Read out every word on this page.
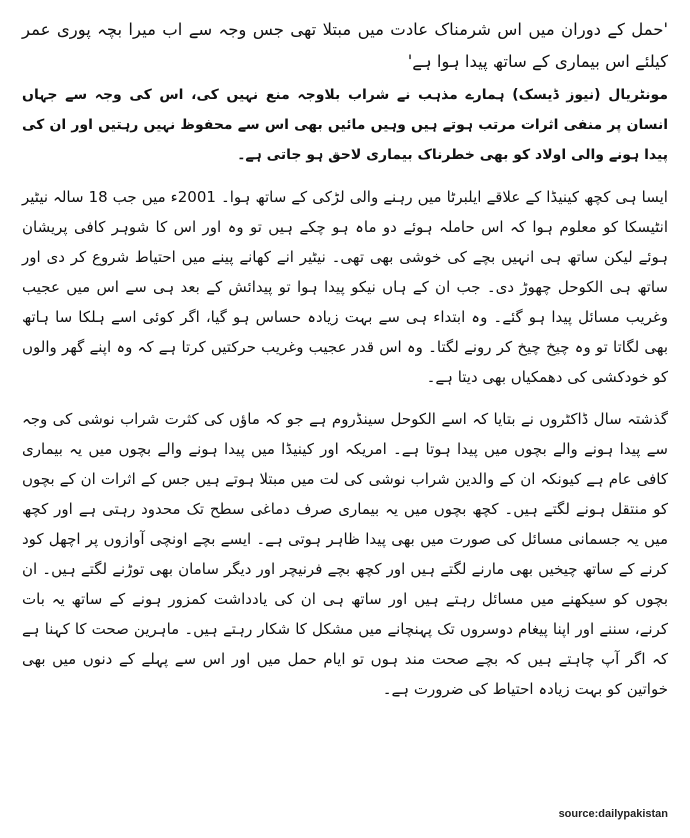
'حمل کے دوران میں اس شرمناک عادت میں مبتلا تھی جس وجہ سے اب میرا بچہ پوری عمر کیلئے اس بیماری کے ساتھ پیدا ہوا ہے'

مونٹریال (نیوز ڈیسک) ہمارے مذہب نے شراب بلاوجہ منع نہیں کی، اس کی وجہ سے جہاں انسان پر منفی اثرات مرتب ہوتے ہیں وہیں مائیں بھی اس سے محفوظ نہیں رہتیں اور ان کی پیدا ہونے والی اولاد کو بھی خطرناک بیماری لاحق ہو جاتی ہے۔

ایسا ہی کچھ کینیڈا کے علاقے ایلبرٹا میں رہنے والی لڑکی کے ساتھ ہوا۔ 2001ء میں جب 18 سالہ نیٹیر انٹیسکا کو معلوم ہوا کہ اس حاملہ ہوئے دو ماہ ہو چکے ہیں تو وہ اور اس کا شوہر کافی پریشان ہوئے لیکن ساتھ ہی انہیں بچے کی خوشی بھی تھی۔ نیٹیر انے کھانے پینے میں احتیاط شروع کر دی اور ساتھ ہی الکوحل چھوڑ دی۔ جب ان کے ہاں نیکو پیدا ہوا تو پیدائش کے بعد ہی سے اس میں عجیب وغریب مسائل پیدا ہو گئے۔ وہ ابتداء ہی سے بہت زیادہ حساس ہو گیا، اگر کوئی اسے ہلکا سا ہاتھ بھی لگاتا تو وہ چیخ چیخ کر رونے لگتا۔ وہ اس قدر عجیب وغریب حرکتیں کرتا ہے کہ وہ اپنے گھر والوں کو خودکشی کی دھمکیاں بھی دیتا ہے۔

گذشتہ سال ڈاکٹروں نے بتایا کہ اسے الکوحل سینڈروم ہے جو کہ ماؤں کی کثرت شراب نوشی کی وجہ سے پیدا ہونے والے بچوں میں پیدا ہوتا ہے۔ امریکہ اور کینیڈا میں پیدا ہونے والے بچوں میں یہ بیماری کافی عام ہے کیونکہ ان کے والدین شراب نوشی کی لت میں مبتلا ہوتے ہیں جس کے اثرات ان کے بچوں کو منتقل ہونے لگتے ہیں۔ کچھ بچوں میں یہ بیماری صرف دماغی سطح تک محدود رہتی ہے اور کچھ میں یہ جسمانی مسائل کی صورت میں بھی پیدا ظاہر ہوتی ہے۔ ایسے بچے اونچی آوازوں پر اچھل کود کرنے کے ساتھ چیخیں بھی مارنے لگتے ہیں اور کچھ بچے فرنیچر اور دیگر سامان بھی توڑنے لگتے ہیں۔ ان بچوں کو سیکھنے میں مسائل رہتے ہیں اور ساتھ ہی ان کی یادداشت کمزور ہونے کے ساتھ یہ بات کرنے، سننے اور اپنا پیغام دوسروں تک پہنچانے میں مشکل کا شکار رہتے ہیں۔ ماہرین صحت کا کہنا ہے کہ اگر آپ چاہتے ہیں کہ بچے صحت مند ہوں تو ایام حمل میں اور اس سے پہلے کے دنوں میں بھی خواتین کو بہت زیادہ احتیاط کی ضرورت ہے۔

source:dailypakistan
